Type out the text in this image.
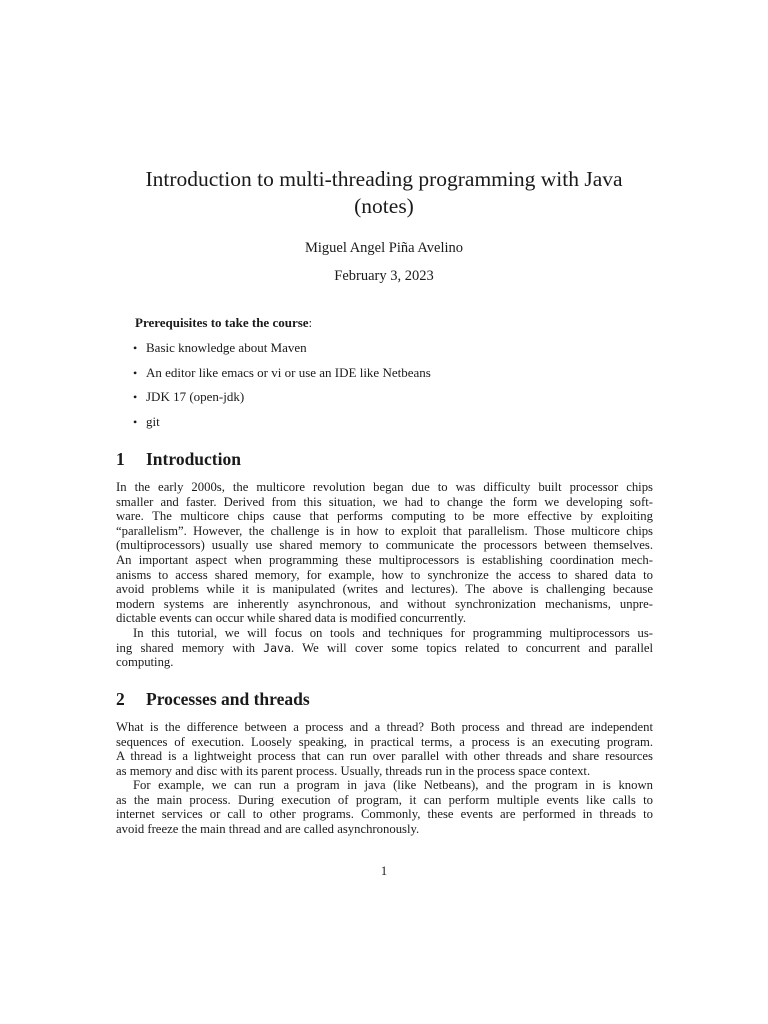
Introduction to multi-threading programming with Java
(notes)

Miguel Angel Piña Avelino

February 3, 2023

Prerequisites to take the course:

• Basic knowledge about Maven
• An editor like emacs or vi or use an IDE like Netbeans
• JDK 17 (open-jdk)
• git
1	Introduction
In the early 2000s, the multicore revolution began due to was difficulty built processor chips
smaller and faster. Derived from this situation, we had to change the form we developing soft-
ware. The multicore chips cause that performs computing to be more effective by exploiting
“parallelism”. However, the challenge is in how to exploit that parallelism. Those multicore chips
(multiprocessors) usually use shared memory to communicate the processors between themselves.
An important aspect when programming these multiprocessors is establishing coordination mech-
anisms to access shared memory, for example, how to synchronize the access to shared data to
avoid problems while it is manipulated (writes and lectures). The above is challenging because
modern systems are inherently asynchronous, and without synchronization mechanisms, unpre-
dictable events can occur while shared data is modified concurrently.
In this tutorial, we will focus on tools and techniques for programming multiprocessors us-
ing shared memory with Java. We will cover some topics related to concurrent and parallel
computing.
2	Processes and threads
What is the difference between a process and a thread? Both process and thread are independent
sequences of execution. Loosely speaking, in practical terms, a process is an executing program.
A thread is a lightweight process that can run over parallel with other threads and share resources
as memory and disc with its parent process. Usually, threads run in the process space context.
For example, we can run a program in java (like Netbeans), and the program in is known
as the main process. During execution of program, it can perform multiple events like calls to
internet services or call to other programs. Commonly, these events are performed in threads to
avoid freeze the main thread and are called asynchronously.

1
